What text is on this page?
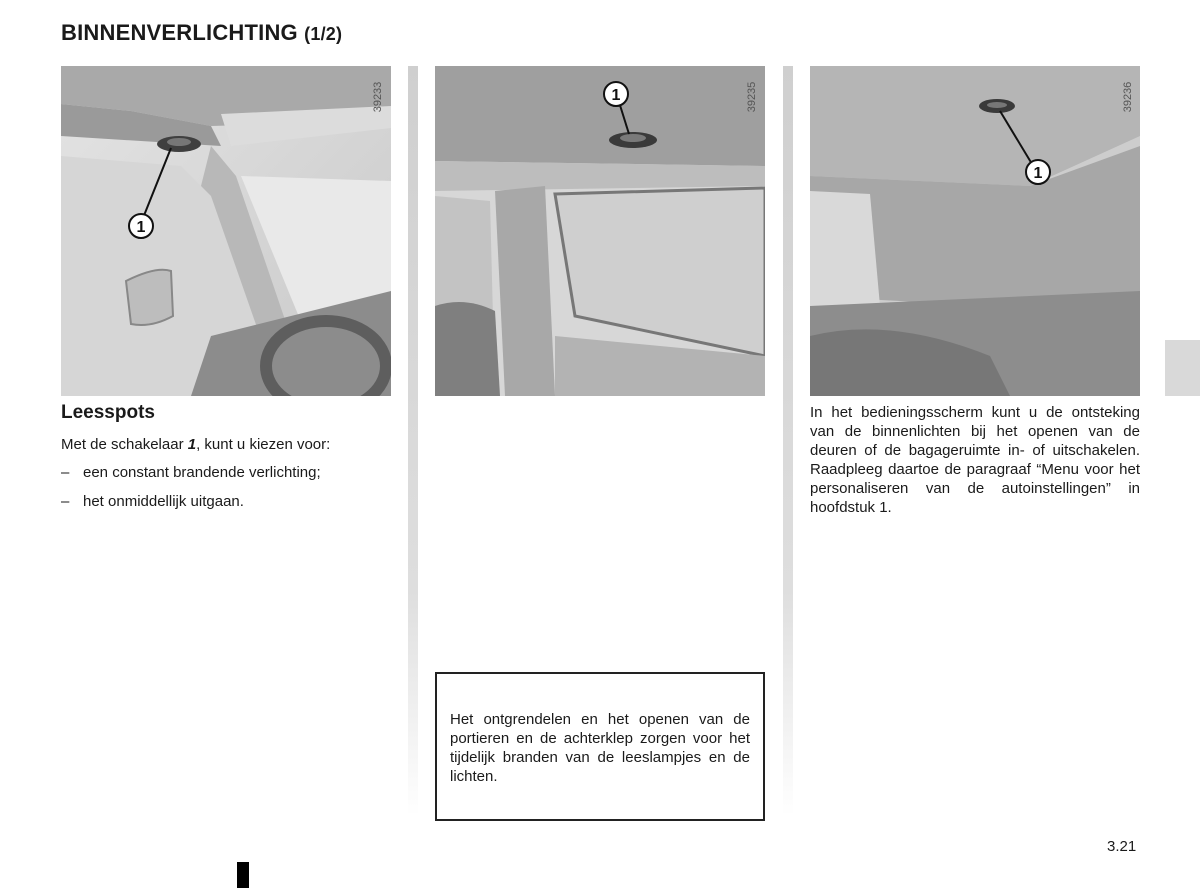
BINNENVERLICHTING (1/2)
1
39233	1	39235
1
39236
Leesspots

Met de schakelaar 1, kunt u kiezen voor:

– een constant brandende verlichting;
– het onmiddellijk uitgaan.
Het ontgrendelen en het openen van de portieren en de achterklep zorgen voor het tijdelijk branden van de leeslampjes en de lichten.

In het bedieningsscherm kunt u de ontsteking van de binnenlichten bij het openen van de deuren of de bagageruimte in- of uitschakelen. Raadpleeg daartoe de paragraaf “Menu voor het personaliseren van de autoinstellingen” in hoofdstuk 1.

3.21
